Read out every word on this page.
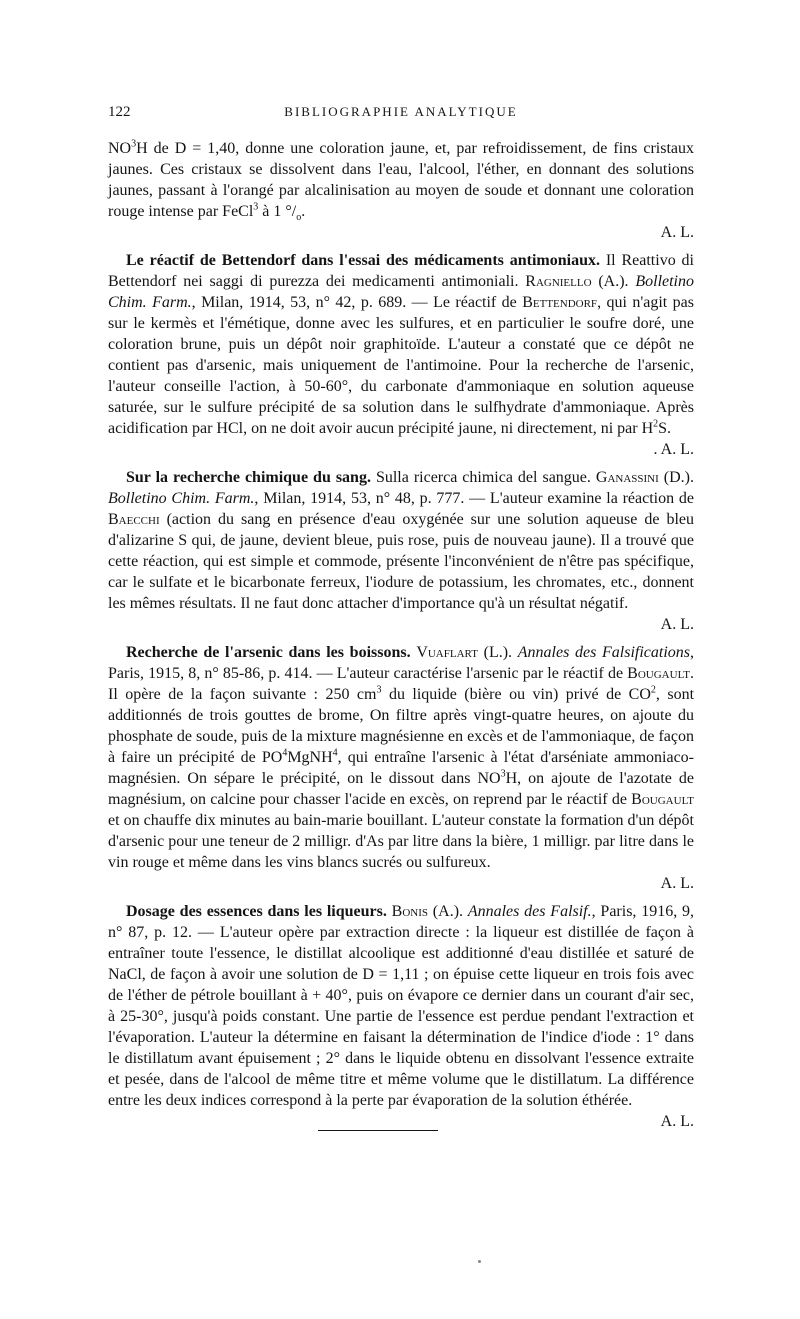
122	BIBLIOGRAPHIE ANALYTIQUE

$NO^3H$ de D = 1,40, donne une coloration jaune, et, par refroidissement, de fins cristaux jaunes. Ces cristaux se dissolvent dans l'eau, l'alcool, l'éther, en donnant des solutions jaunes, passant à l'orangé par alcalinisation au moyen de soude et donnant une coloration rouge intense par FeCl$^3$ à 1 $^\circ/_o$.

A. L.

Le réactif de Bettendorf dans l'essai des médicaments antimoniaux. Il Reattivo di Bettendorf nei saggi di purezza dei medicamenti antimoniali. Ragniello (A.). Bolletino Chim. Farm., Milan, 1914, 53, n° 42, p. 689. — Le réactif de Bettendorf, qui n'agit pas sur le kermès et l'émétique, donne avec les sulfures, et en particulier le soufre doré, une coloration brune, puis un dépôt noir graphitoïde. L'auteur a constaté que ce dépôt ne contient pas d'arsenic, mais uniquement de l'antimoine. Pour la recherche de l'arsenic, l'auteur conseille l'action, à 50-60°, du carbonate d'ammoniaque en solution aqueuse saturée, sur le sulfure précipité de sa solution dans le sulfhydrate d'ammoniaque. Après acidification par HCl, on ne doit avoir aucun précipité jaune, ni directement, ni par $H^2S$.

. A. L.

Sur la recherche chimique du sang. Sulla ricerca chimica del sangue. Ganassini (D.). Bolletino Chim. Farm., Milan, 1914, 53, n° 48, p. 777. — L'auteur examine la réaction de Baecchi (action du sang en présence d'eau oxygénée sur une solution aqueuse de bleu d'alizarine S qui, de jaune, devient bleue, puis rose, puis de nouveau jaune). Il a trouvé que cette réaction, qui est simple et commode, présente l'inconvénient de n'être pas spécifique, car le sulfate et le bicarbonate ferreux, l'iodure de potassium, les chromates, etc., donnent les mêmes résultats. Il ne faut donc attacher d'importance qu'à un résultat négatif.

A. L.

Recherche de l'arsenic dans les boissons. Vuaflart (L.). Annales des Falsifications, Paris, 1915, 8, n° 85-86, p. 414. — L'auteur caractérise l'arsenic par le réactif de Bougault. Il opère de la façon suivante : 250 $cm^3$ du liquide (bière ou vin) privé de $CO^2$, sont additionnés de trois gouttes de brome, On filtre après vingt-quatre heures, on ajoute du phosphate de soude, puis de la mixture magnésienne en excès et de l'ammoniaque, de façon à faire un précipité de $PO^4MgNH^4$, qui entraîne l'arsenic à l'état d'arséniate ammoniaco-magnésien. On sépare le précipité, on le dissout dans $NO^3H$, on ajoute de l'azotate de magnésium, on calcine pour chasser l'acide en excès, on reprend par le réactif de Bougault et on chauffe dix minutes au bain-marie bouillant. L'auteur constate la formation d'un dépôt d'arsenic pour une teneur de 2 milligr. d'As par litre dans la bière, 1 milligr. par litre dans le vin rouge et même dans les vins blancs sucrés ou sulfureux.

A. L.

Dosage des essences dans les liqueurs. Bonis (A.). Annales des Falsif., Paris, 1916, 9, n° 87, p. 12. — L'auteur opère par extraction directe : la liqueur est distillée de façon à entraîner toute l'essence, le distillat alcoolique est additionné d'eau distillée et saturé de NaCl, de façon à avoir une solution de D = 1,11 ; on épuise cette liqueur en trois fois avec de l'éther de pétrole bouillant à + 40°, puis on évapore ce dernier dans un courant d'air sec, à 25-30°, jusqu'à poids constant. Une partie de l'essence est perdue pendant l'extraction et l'évaporation. L'auteur la détermine en faisant la détermination de l'indice d'iode : 1° dans le distillatum avant épuisement ; 2° dans le liquide obtenu en dissolvant l'essence extraite et pesée, dans de l'alcool de même titre et même volume que le distillatum. La différence entre les deux indices correspond à la perte par évaporation de la solution éthérée.

A. L.
